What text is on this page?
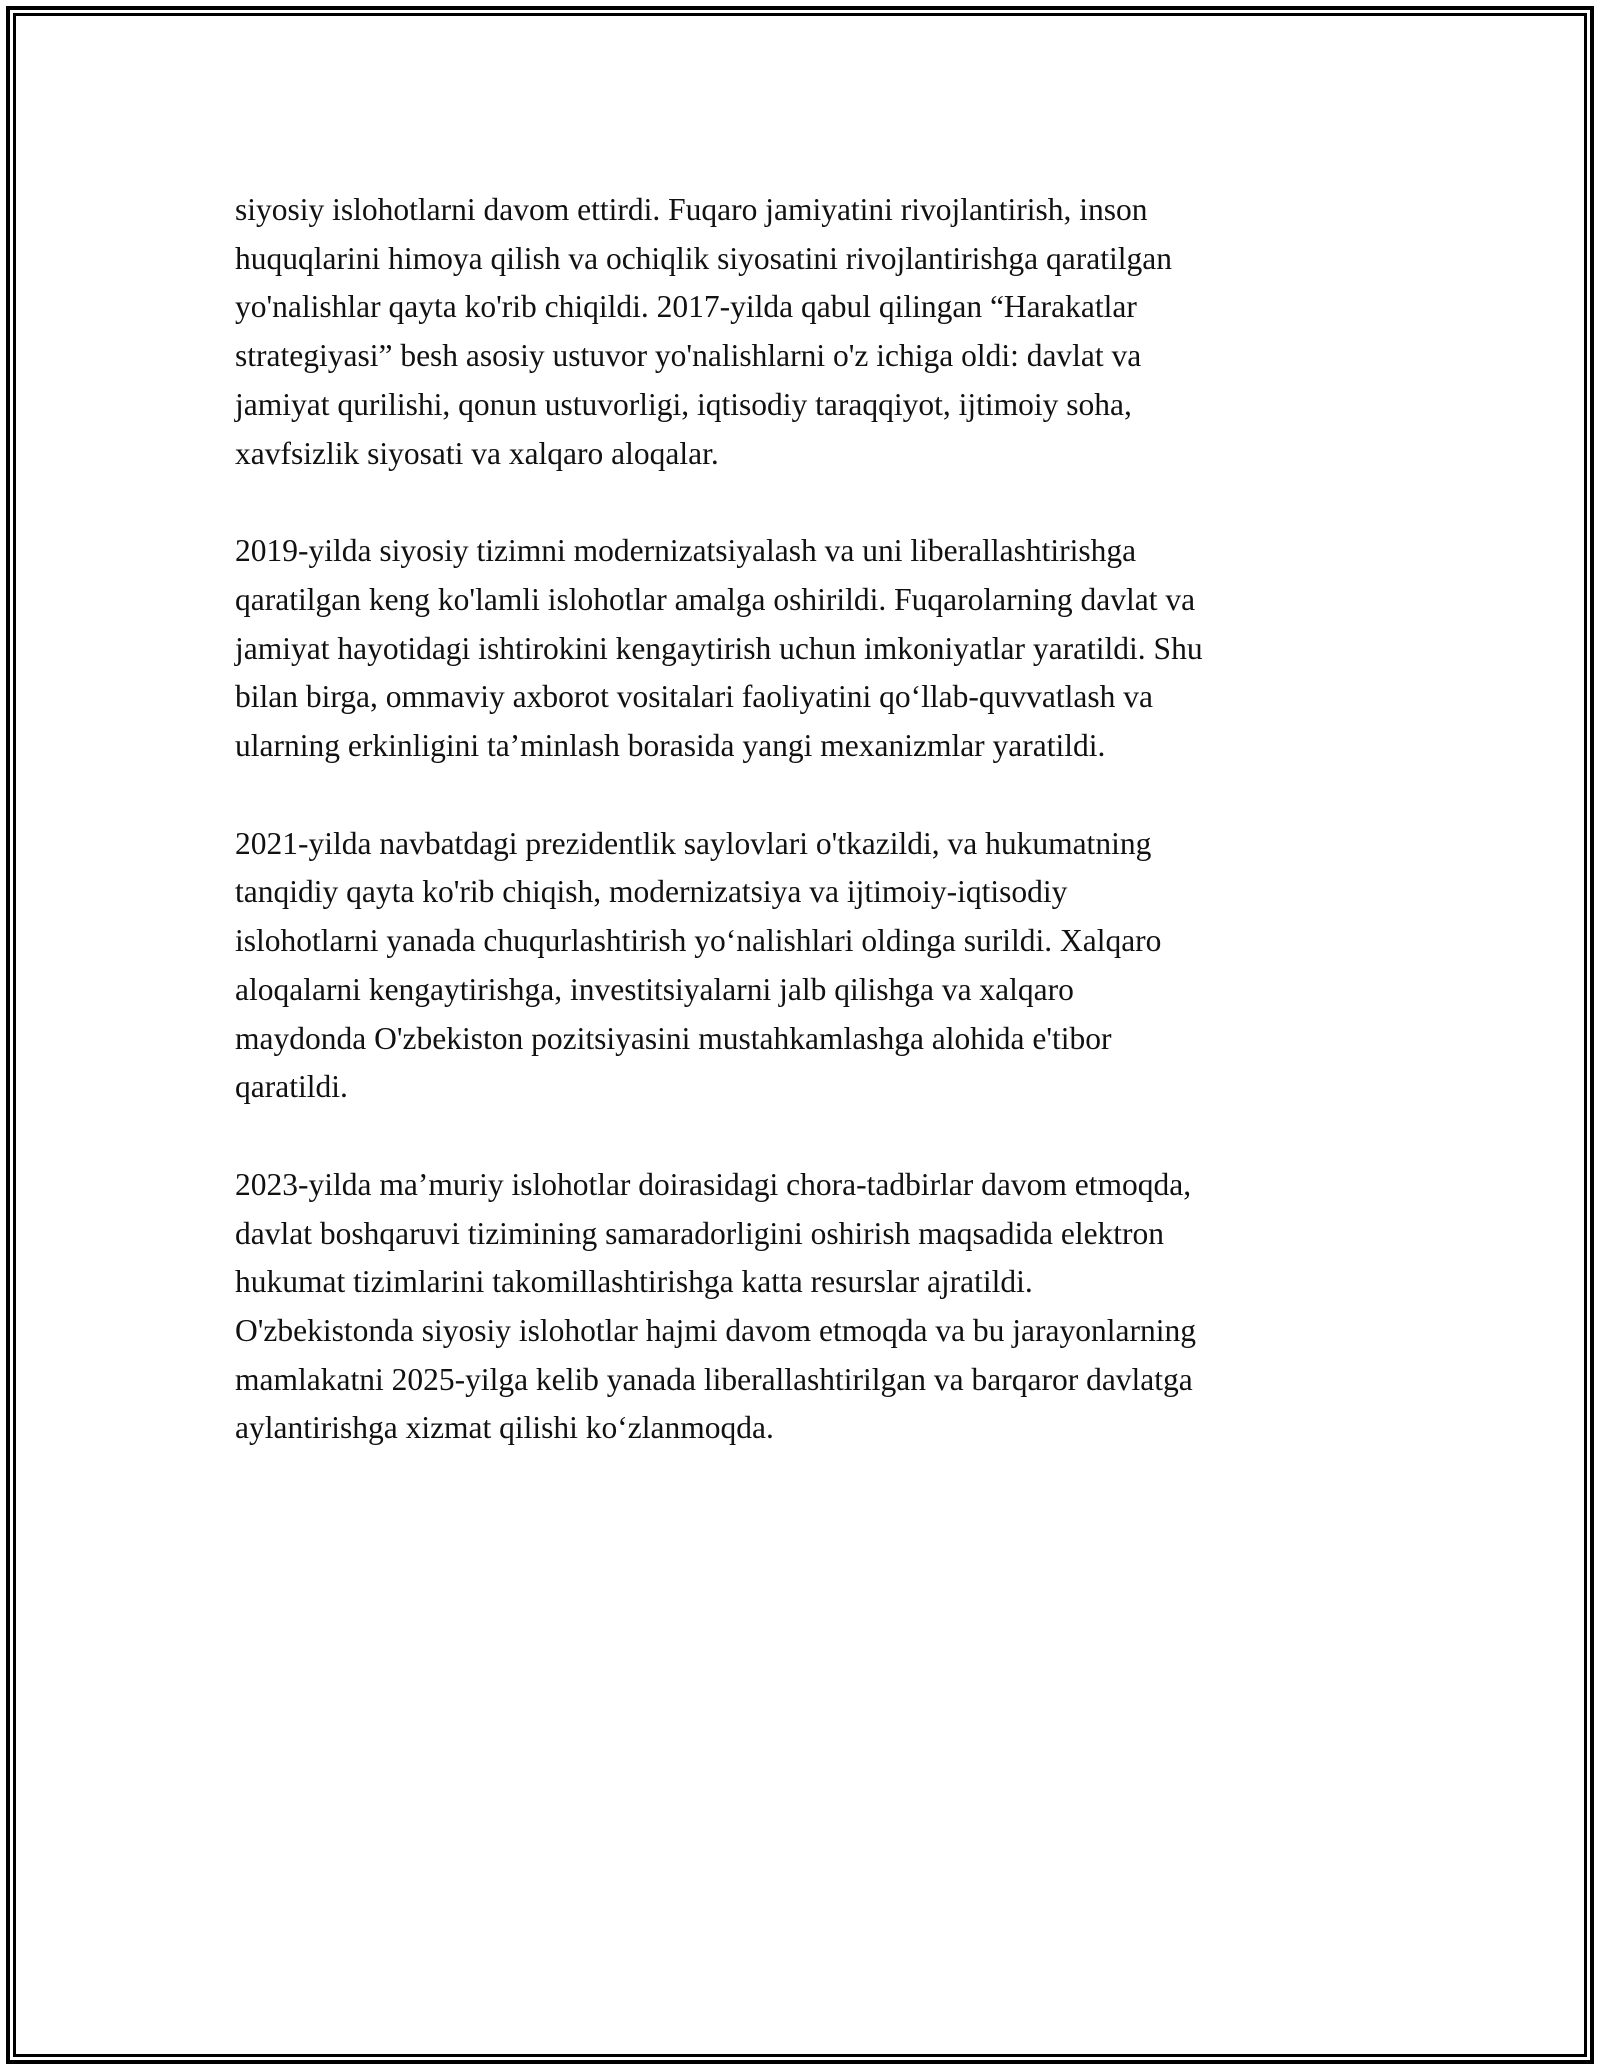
siyosiy islohotlarni davom ettirdi. Fuqaro jamiyatini rivojlantirish, inson
huquqlarini himoya qilish va ochiqlik siyosatini rivojlantirishga qaratilgan
yo'nalishlar qayta ko'rib chiqildi. 2017-yilda qabul qilingan “Harakatlar
strategiyasi” besh asosiy ustuvor yo'nalishlarni o'z ichiga oldi: davlat va
jamiyat qurilishi, qonun ustuvorligi, iqtisodiy taraqqiyot, ijtimoiy soha,
xavfsizlik siyosati va xalqaro aloqalar.

2019-yilda siyosiy tizimni modernizatsiyalash va uni liberallashtirishga
qaratilgan keng ko'lamli islohotlar amalga oshirildi. Fuqarolarning davlat va
jamiyat hayotidagi ishtirokini kengaytirish uchun imkoniyatlar yaratildi. Shu
bilan birga, ommaviy axborot vositalari faoliyatini qo‘llab-quvvatlash va
ularning erkinligini ta’minlash borasida yangi mexanizmlar yaratildi.

2021-yilda navbatdagi prezidentlik saylovlari o'tkazildi, va hukumatning
tanqidiy qayta ko'rib chiqish, modernizatsiya va ijtimoiy-iqtisodiy
islohotlarni yanada chuqurlashtirish yo‘nalishlari oldinga surildi. Xalqaro
aloqalarni kengaytirishga, investitsiyalarni jalb qilishga va xalqaro
maydonda O'zbekiston pozitsiyasini mustahkamlashga alohida e'tibor
qaratildi.

2023-yilda ma’muriy islohotlar doirasidagi chora-tadbirlar davom etmoqda,
davlat boshqaruvi tizimining samaradorligini oshirish maqsadida elektron
hukumat tizimlarini takomillashtirishga katta resurslar ajratildi.
O'zbekistonda siyosiy islohotlar hajmi davom etmoqda va bu jarayonlarning
mamlakatni 2025-yilga kelib yanada liberallashtirilgan va barqaror davlatga
aylantirishga xizmat qilishi ko‘zlanmoqda.
